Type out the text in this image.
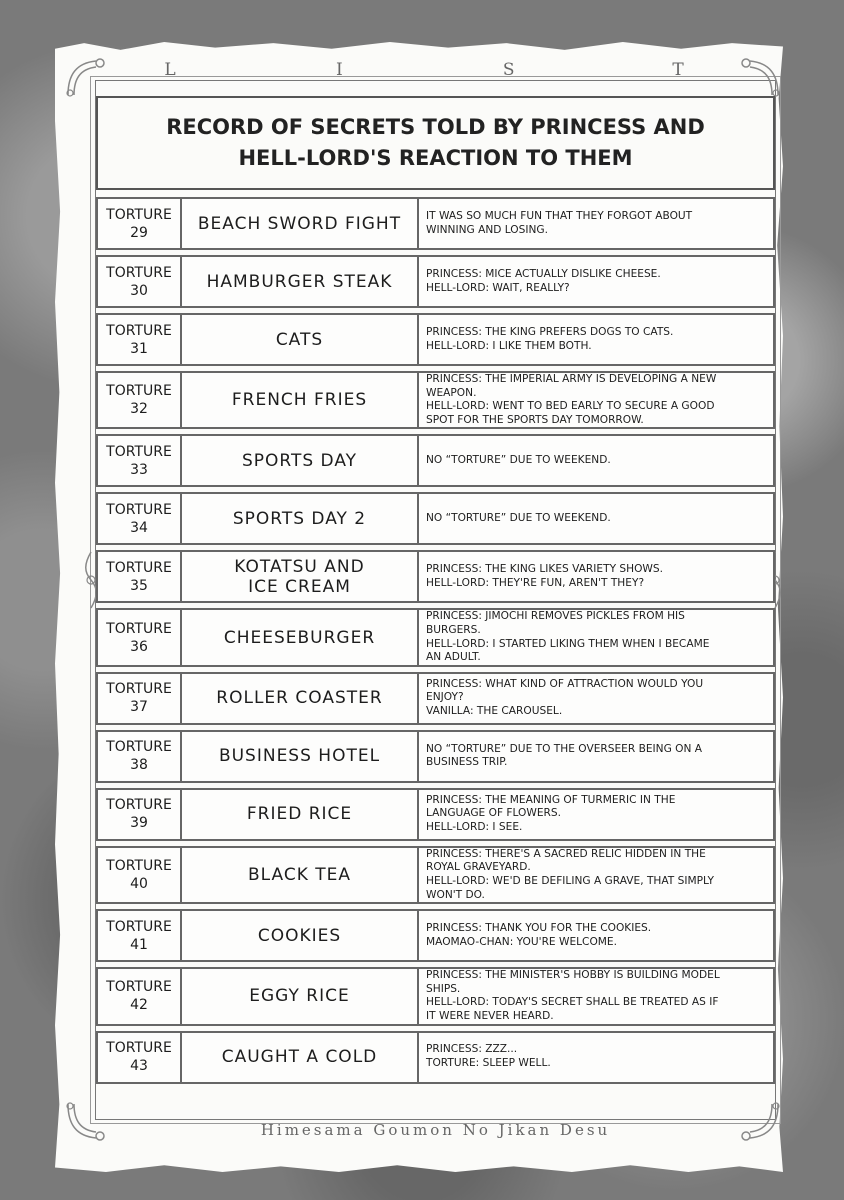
L	I	S	T
RECORD OF SECRETS TOLD BY PRINCESS AND
HELL-LORD'S REACTION TO THEM
TORTURE
29	BEACH SWORD FIGHT	IT WAS SO MUCH FUN THAT THEY FORGOT ABOUT
WINNING AND LOSING.

TORTURE
30	HAMBURGER STEAK	PRINCESS: MICE ACTUALLY DISLIKE CHEESE.
HELL-LORD: WAIT, REALLY?

TORTURE
31	CATS	PRINCESS: THE KING PREFERS DOGS TO CATS.
HELL-LORD: I LIKE THEM BOTH.

TORTURE
32	FRENCH FRIES	PRINCESS: THE IMPERIAL ARMY IS DEVELOPING A NEW
WEAPON.
HELL-LORD: WENT TO BED EARLY TO SECURE A GOOD
SPOT FOR THE SPORTS DAY TOMORROW.

TORTURE
33	SPORTS DAY	NO “TORTURE” DUE TO WEEKEND.

TORTURE
34	SPORTS DAY 2	NO “TORTURE” DUE TO WEEKEND.

TORTURE
35	KOTATSU AND
ICE CREAM	PRINCESS: THE KING LIKES VARIETY SHOWS.
HELL-LORD: THEY'RE FUN, AREN'T THEY?

TORTURE
36	CHEESEBURGER	PRINCESS: JIMOCHI REMOVES PICKLES FROM HIS
BURGERS.
HELL-LORD: I STARTED LIKING THEM WHEN I BECAME
AN ADULT.

TORTURE
37	ROLLER COASTER	PRINCESS: WHAT KIND OF ATTRACTION WOULD YOU
ENJOY?
VANILLA: THE CAROUSEL.

TORTURE
38	BUSINESS HOTEL	NO “TORTURE” DUE TO THE OVERSEER BEING ON A
BUSINESS TRIP.

TORTURE
39	FRIED RICE	PRINCESS: THE MEANING OF TURMERIC IN THE
LANGUAGE OF FLOWERS.
HELL-LORD: I SEE.

TORTURE
40	BLACK TEA	PRINCESS: THERE'S A SACRED RELIC HIDDEN IN THE
ROYAL GRAVEYARD.
HELL-LORD: WE'D BE DEFILING A GRAVE, THAT SIMPLY
WON'T DO.

TORTURE
41	COOKIES	PRINCESS: THANK YOU FOR THE COOKIES.
MAOMAO-CHAN: YOU'RE WELCOME.

TORTURE
42	EGGY RICE	PRINCESS: THE MINISTER'S HOBBY IS BUILDING MODEL
SHIPS.
HELL-LORD: TODAY'S SECRET SHALL BE TREATED AS IF
IT WERE NEVER HEARD.

TORTURE
43	CAUGHT A COLD	PRINCESS: ZZZ...
TORTURE: SLEEP WELL.
Himesama Goumon No Jikan Desu
